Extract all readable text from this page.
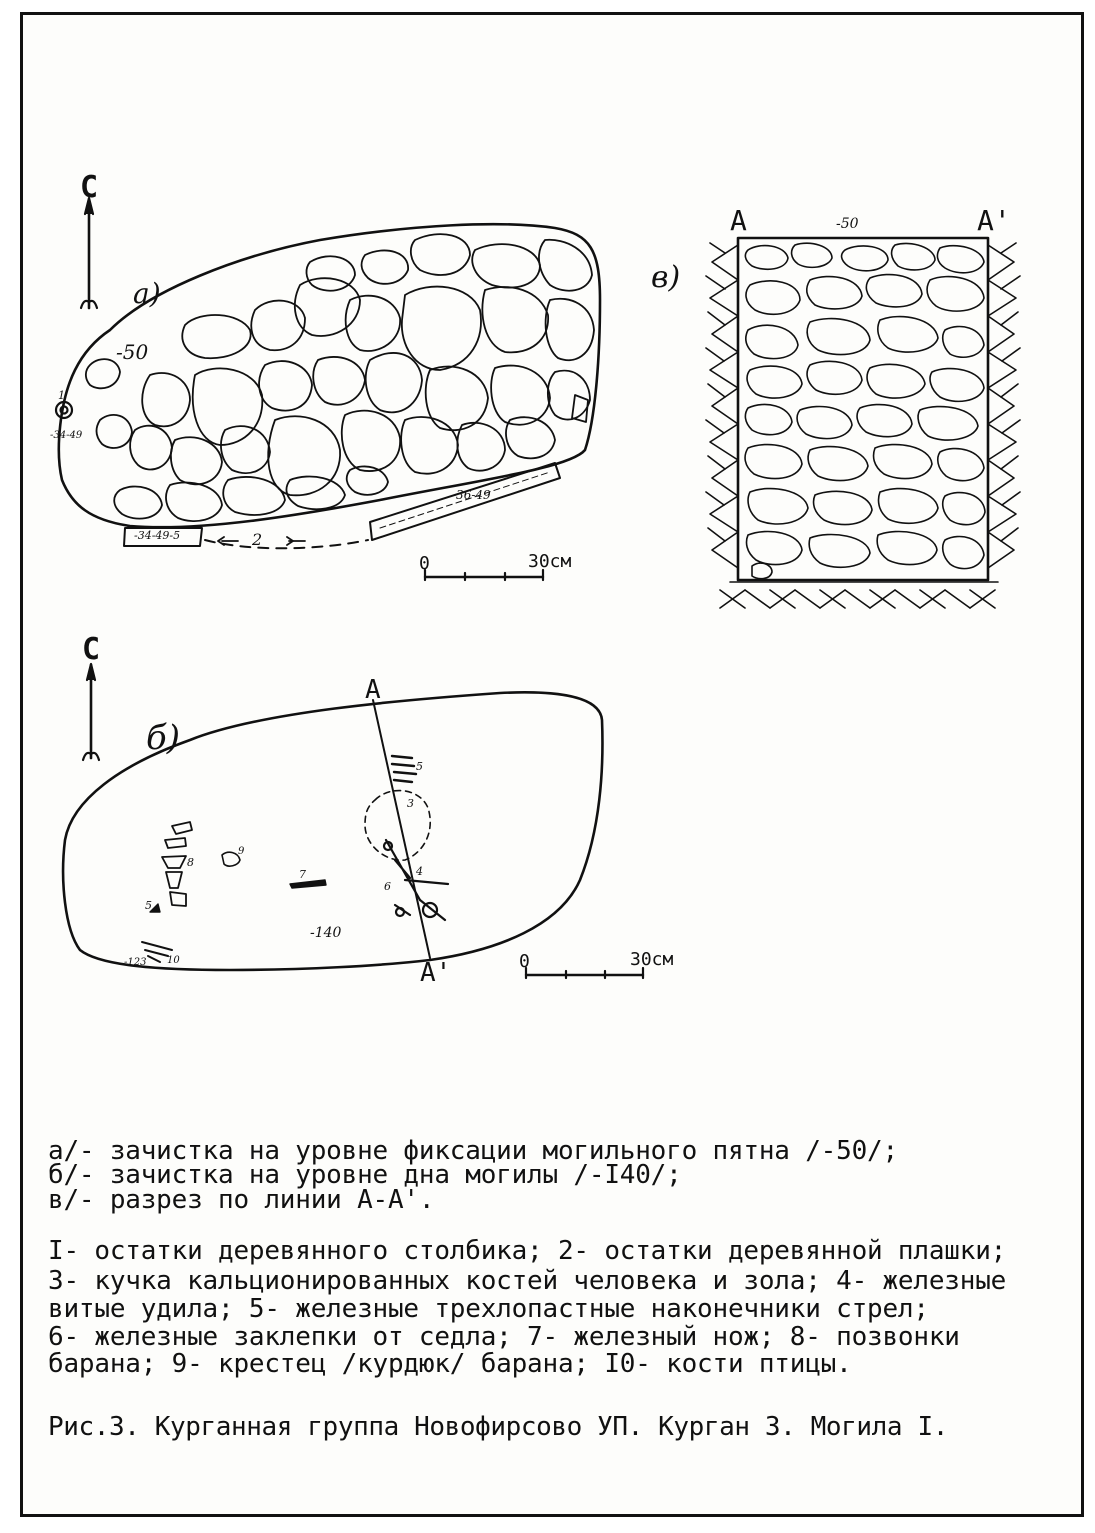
С
а)
-50
1
-34-49
-34-49-5
-36-49
2
0	30см
в)
А	А'
-50
С
А
А'
б)
-140
-123
5
3
4
6
7
8
9
10
5
0	30см
а/- зачистка на уровне фиксации могильного пятна /-50/;
б/- зачистка на уровне дна могилы /-I40/;
в/- разрез по линии А-А'.
I- остатки деревянного столбика; 2- остатки деревянной плашки;
3- кучка кальционированных костей человека и зола; 4- железные
витые удила; 5- железные трехлопастные наконечники стрел;
6- железные заклепки от седла; 7- железный нож; 8- позвонки
барана; 9- крестец /курдюк/ барана; I0- кости птицы.
Рис.3. Курганная группа Новофирсово УП. Курган 3. Могила I.
